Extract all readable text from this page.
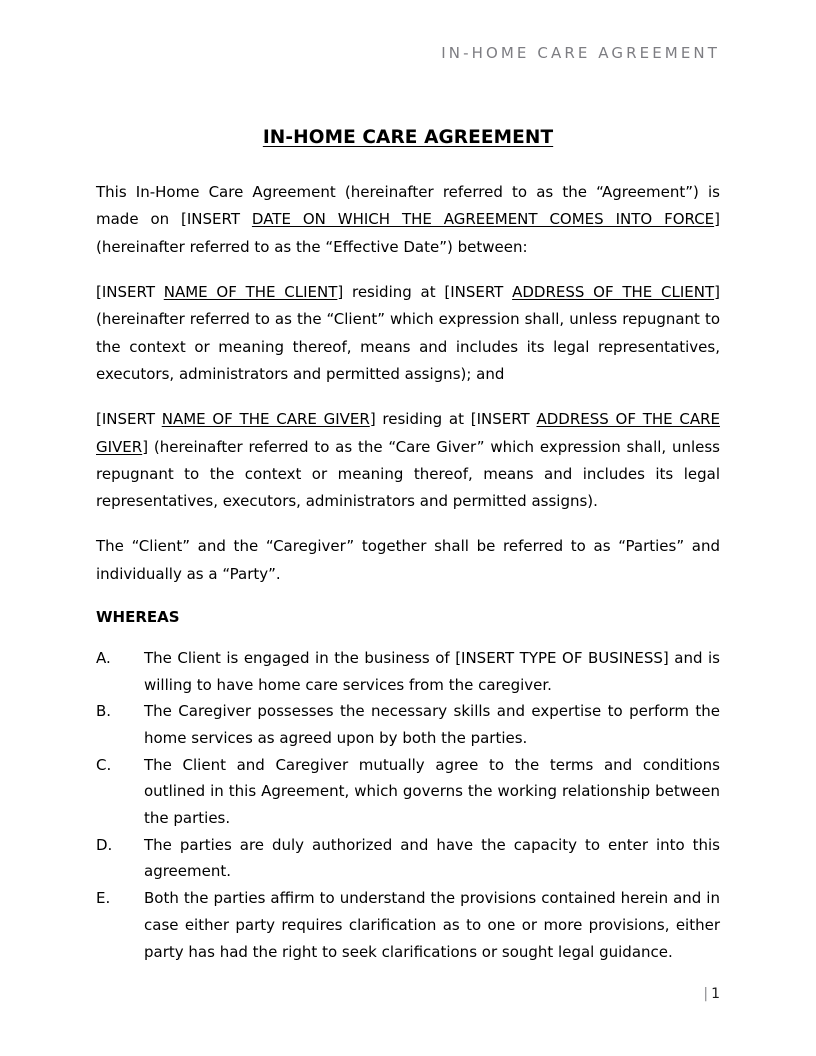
IN-HOME CARE AGREEMENT
IN-HOME CARE AGREEMENT

This In-Home Care Agreement (hereinafter referred to as the “Agreement”) is made on [INSERT DATE ON WHICH THE AGREEMENT COMES INTO FORCE] (hereinafter referred to as the “Effective Date”) between:

[INSERT NAME OF THE CLIENT] residing at [INSERT ADDRESS OF THE CLIENT] (hereinafter referred to as the “Client” which expression shall, unless repugnant to the context or meaning thereof, means and includes its legal representatives, executors, administrators and permitted assigns); and

[INSERT NAME OF THE CARE GIVER] residing at [INSERT ADDRESS OF THE CARE GIVER] (hereinafter referred to as the “Care Giver” which expression shall, unless repugnant to the context or meaning thereof, means and includes its legal representatives, executors, administrators and permitted assigns).

The “Client” and the “Caregiver” together shall be referred to as “Parties” and individually as a “Party”.

WHEREAS

A.	The Client is engaged in the business of [INSERT TYPE OF BUSINESS] and is willing to have home care services from the caregiver.
B.	The Caregiver possesses the necessary skills and expertise to perform the home services as agreed upon by both the parties.
C.	The Client and Caregiver mutually agree to the terms and conditions outlined in this Agreement, which governs the working relationship between the parties.
D.	The parties are duly authorized and have the capacity to enter into this agreement.
E.	Both the parties affirm to understand the provisions contained herein and in case either party requires clarification as to one or more provisions, either party has had the right to seek clarifications or sought legal guidance.
| 1
